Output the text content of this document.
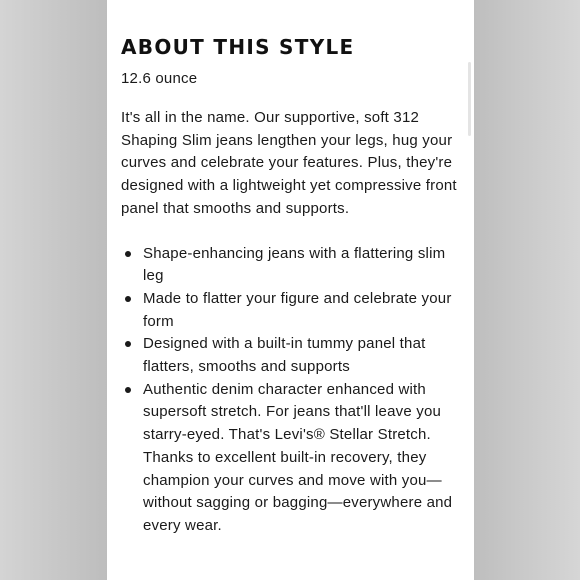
ABOUT THIS STYLE

12.6 ounce

It's all in the name. Our supportive, soft 312 Shaping Slim jeans lengthen your legs, hug your curves and celebrate your features. Plus, they're designed with a lightweight yet compressive front panel that smooths and supports.

Shape-enhancing jeans with a flattering slim leg
Made to flatter your figure and celebrate your form
Designed with a built-in tummy panel that flatters, smooths and supports
Authentic denim character enhanced with supersoft stretch. For jeans that'll leave you starry-eyed. That's Levi's® Stellar Stretch. Thanks to excellent built-in recovery, they champion your curves and move with you—without sagging or bagging—everywhere and every wear.
